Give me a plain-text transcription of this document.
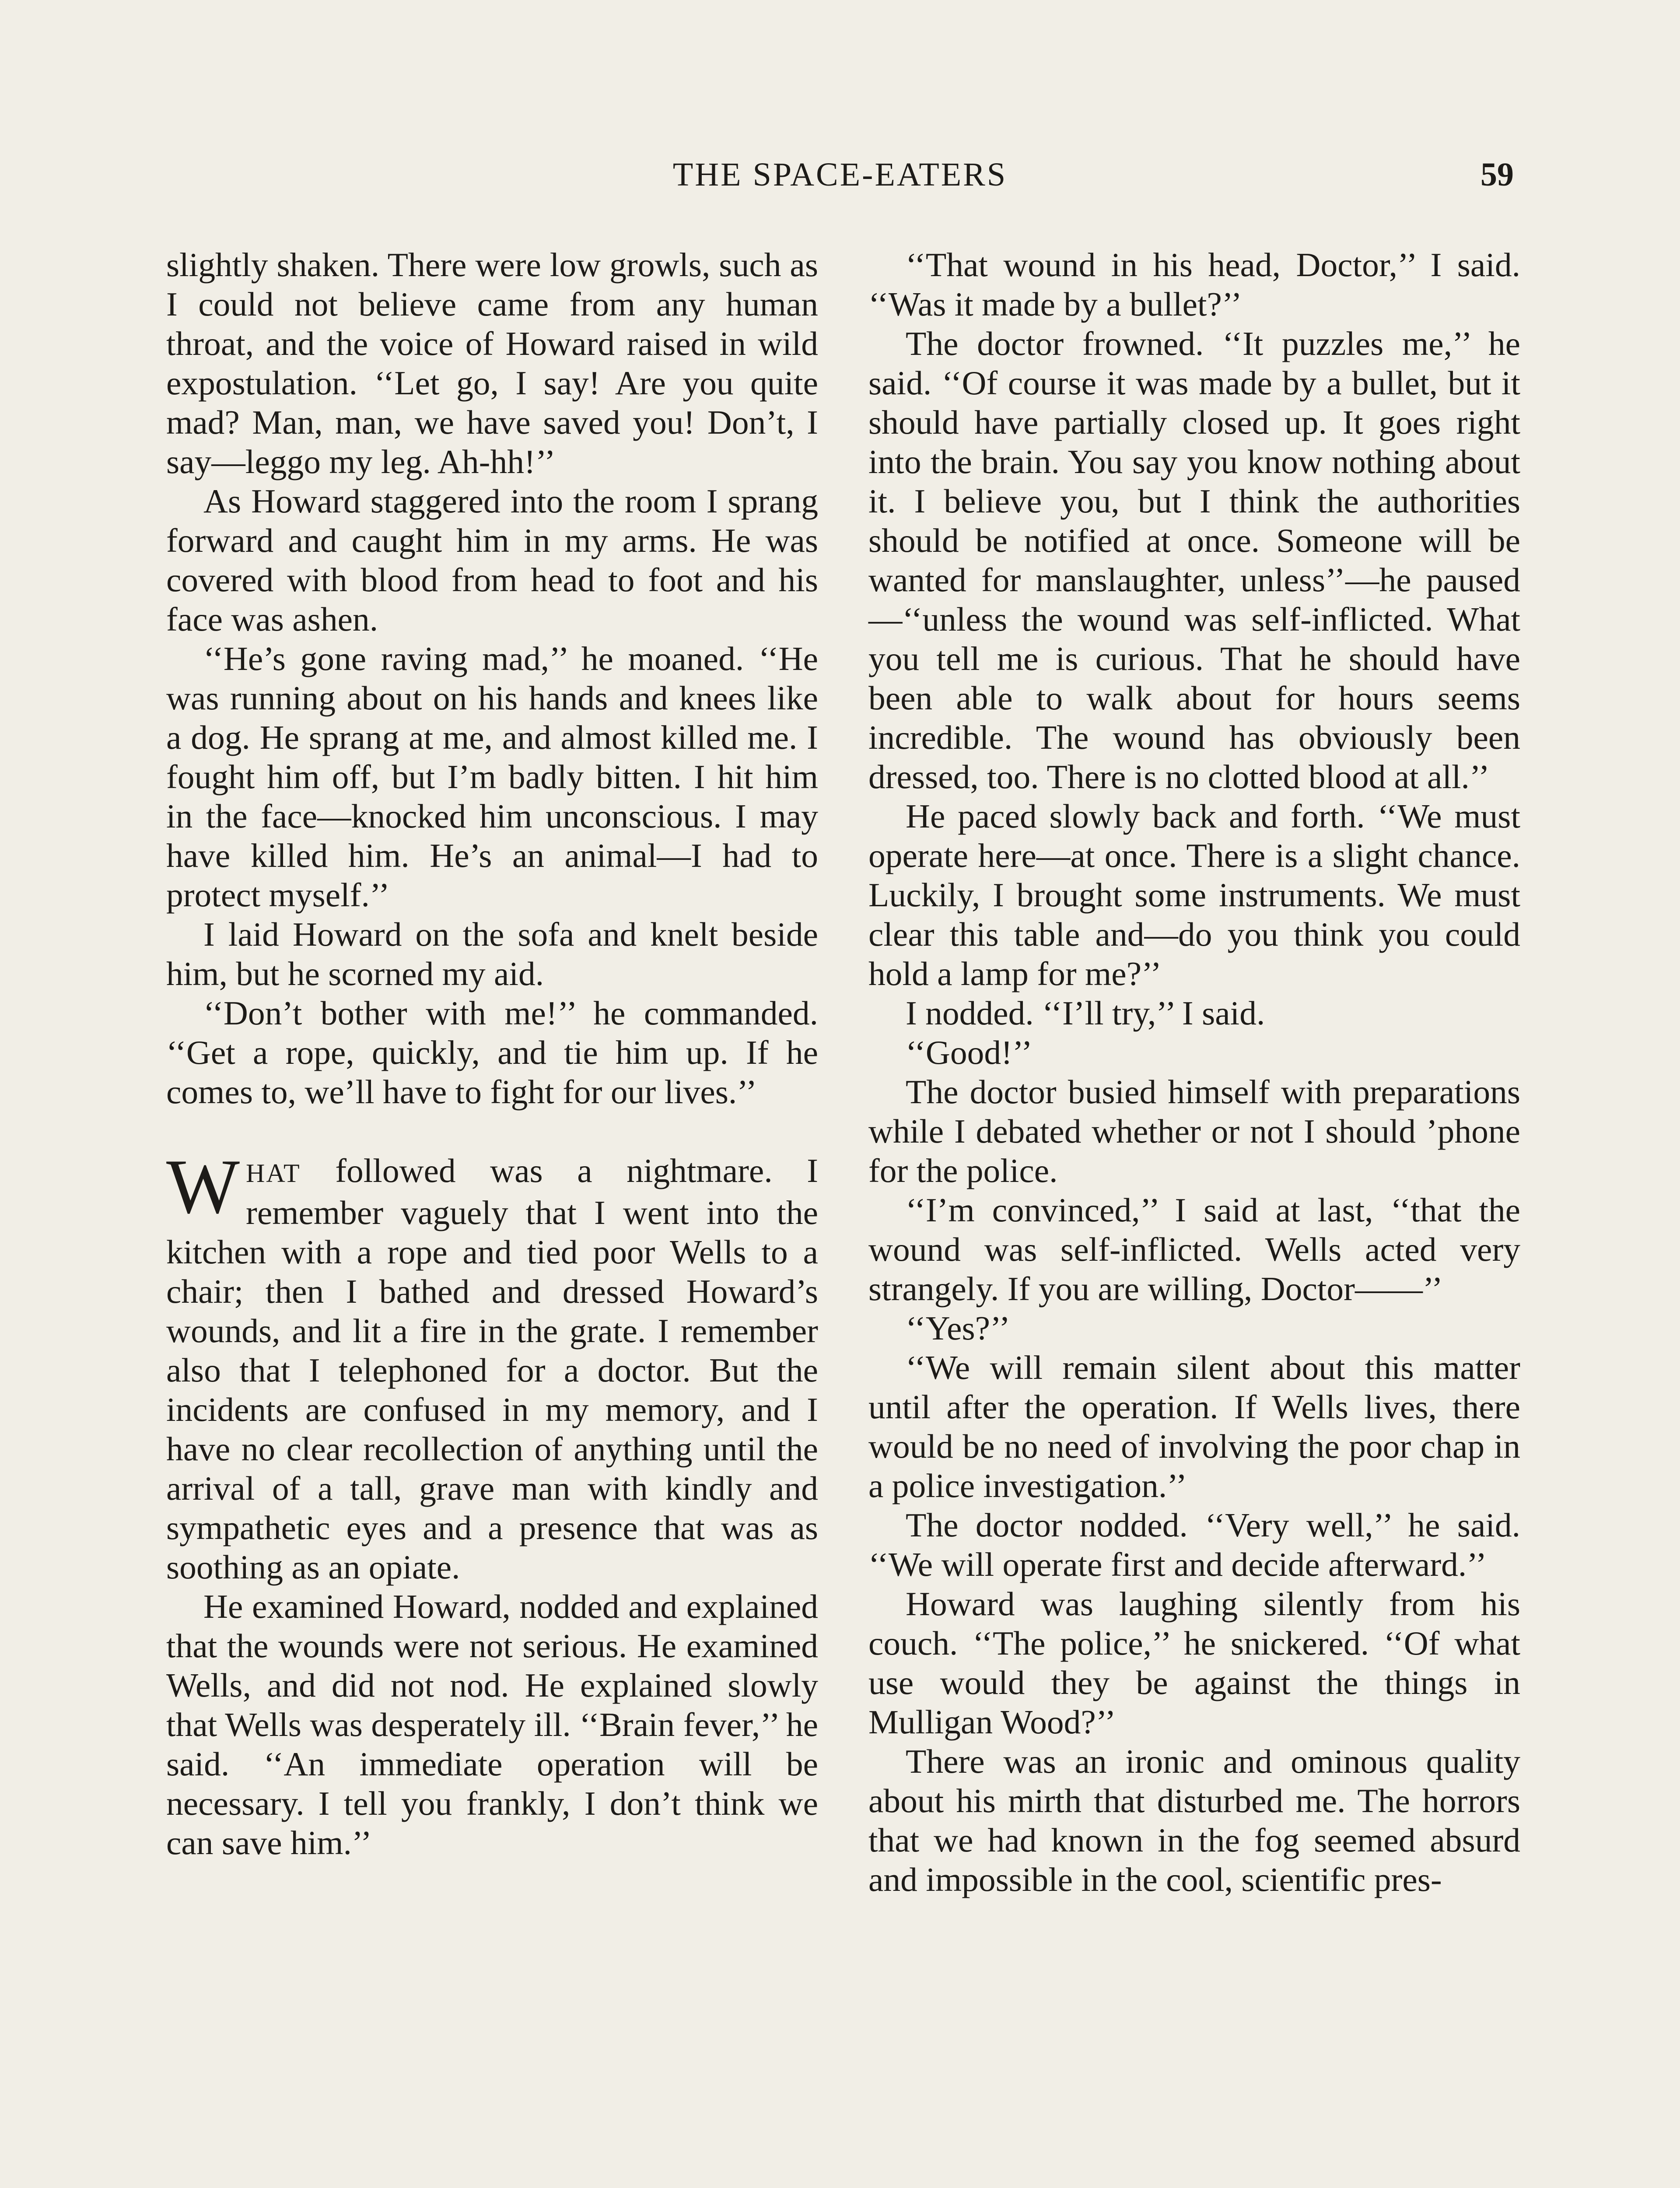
THE SPACE-EATERS	59

slightly shaken. There were low growls, such as I could not believe came from any human throat, and the voice of Howard raised in wild expostulation. ‘‘Let go, I say! Are you quite mad? Man, man, we have saved you! Don’t, I say—leggo my leg. Ah-hh!’’

As Howard staggered into the room I sprang forward and caught him in my arms. He was covered with blood from head to foot and his face was ashen.

‘‘He’s gone raving mad,’’ he moaned. ‘‘He was running about on his hands and knees like a dog. He sprang at me, and almost killed me. I fought him off, but I’m badly bitten. I hit him in the face—knocked him unconscious. I may have killed him. He’s an animal—I had to protect myself.’’

I laid Howard on the sofa and knelt beside him, but he scorned my aid.

‘‘Don’t bother with me!’’ he commanded. ‘‘Get a rope, quickly, and tie him up. If he comes to, we’ll have to fight for our lives.’’

WHAT followed was a nightmare. I remember vaguely that I went into the kitchen with a rope and tied poor Wells to a chair; then I bathed and dressed Howard’s wounds, and lit a fire in the grate. I remember also that I telephoned for a doctor. But the incidents are confused in my memory, and I have no clear recollection of anything until the arrival of a tall, grave man with kindly and sympathetic eyes and a presence that was as soothing as an opiate.

He examined Howard, nodded and explained that the wounds were not serious. He examined Wells, and did not nod. He explained slowly that Wells was desperately ill. ‘‘Brain fever,’’ he said. ‘‘An immediate operation will be necessary. I tell you frankly, I don’t think we can save him.’’

‘‘That wound in his head, Doctor,’’ I said. ‘‘Was it made by a bullet?’’

The doctor frowned. ‘‘It puzzles me,’’ he said. ‘‘Of course it was made by a bullet, but it should have partially closed up. It goes right into the brain. You say you know nothing about it. I believe you, but I think the authorities should be notified at once. Someone will be wanted for manslaughter, unless’’—he paused—‘‘unless the wound was self-inflicted. What you tell me is curious. That he should have been able to walk about for hours seems incredible. The wound has obviously been dressed, too. There is no clotted blood at all.’’

He paced slowly back and forth. ‘‘We must operate here—at once. There is a slight chance. Luckily, I brought some instruments. We must clear this table and—do you think you could hold a lamp for me?’’

I nodded. ‘‘I’ll try,’’ I said.

‘‘Good!’’

The doctor busied himself with preparations while I debated whether or not I should ’phone for the police.

‘‘I’m convinced,’’ I said at last, ‘‘that the wound was self-inflicted. Wells acted very strangely. If you are willing, Doctor——’’

‘‘Yes?’’

‘‘We will remain silent about this matter until after the operation. If Wells lives, there would be no need of involving the poor chap in a police investigation.’’

The doctor nodded. ‘‘Very well,’’ he said. ‘‘We will operate first and decide afterward.’’

Howard was laughing silently from his couch. ‘‘The police,’’ he snickered. ‘‘Of what use would they be against the things in Mulligan Wood?’’

There was an ironic and ominous quality about his mirth that disturbed me. The horrors that we had known in the fog seemed absurd and impossible in the cool, scientific pres-
